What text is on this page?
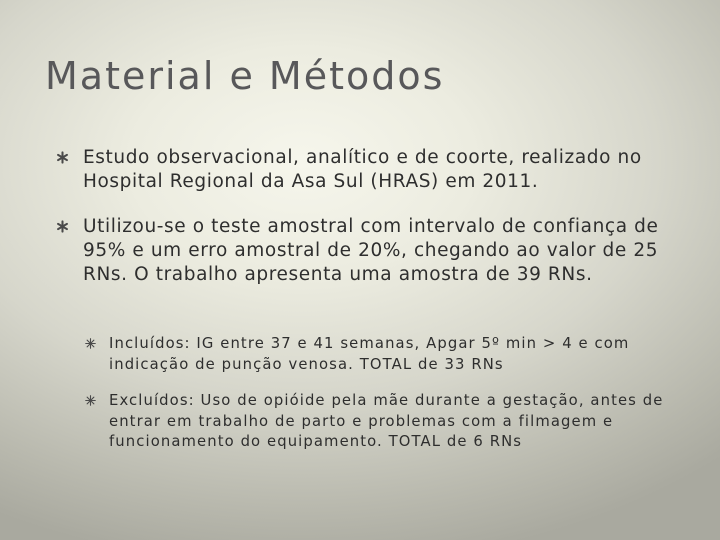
Material e Métodos
Estudo observacional, analítico e de coorte, realizado no Hospital Regional da Asa Sul (HRAS) em 2011.
Utilizou-se o teste amostral com intervalo de confiança de 95% e um erro amostral de 20%, chegando ao valor de 25 RNs. O trabalho apresenta uma amostra de 39 RNs.
Incluídos: IG entre 37 e 41 semanas, Apgar 5º min > 4 e com indicação de punção venosa. TOTAL de 33 RNs
Excluídos: Uso de opióide pela mãe durante a gestação, antes de entrar em trabalho de parto e problemas com a filmagem e funcionamento do equipamento. TOTAL de 6 RNs
